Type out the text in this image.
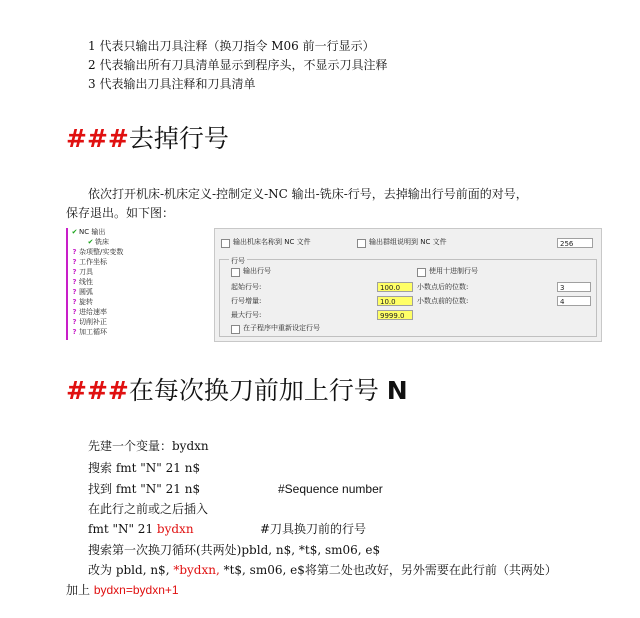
1 代表只输出刀具注释（换刀指令 M06 前一行显示）
2 代表输出所有刀具清单显示到程序头，不显示刀具注释
3 代表输出刀具注释和刀具清单
###去掉行号
依次打开机床-机床定义-控制定义-NC 输出-铣床-行号，去掉输出行号前面的对号，
保存退出。如下图：
✔ NC 输出
✔ 铣床
? 杂项整/实变数
? 工作坐标
? 刀具
? 线性
? 圆弧
? 旋转
? 进给速率
? 切削补正
? 加工循环
输出机床名称到 NC 文件	输出群组说明到 NC 文件	256
行号
输出行号	使用十进制行号
起始行号:	100.0
行号增量:	10.0
最大行号:	9999.0
小数点后的位数:	3
小数点前的位数:	4
在子程序中重新设定行号
###在每次换刀前加上行号 N
先建一个变量：bydxn
搜索 fmt "N" 21 n$
找到 fmt "N" 21 n$	#Sequence number
在此行之前或之后插入
fmt "N" 21 bydxn	#刀具换刀前的行号
搜索第一次换刀循环(共两处)pbld, n$, *t$, sm06, e$
改为 pbld, n$, *bydxn, *t$, sm06, e$将第二处也改好，另外需要在此行前（共两处）
加上 bydxn=bydxn+1
